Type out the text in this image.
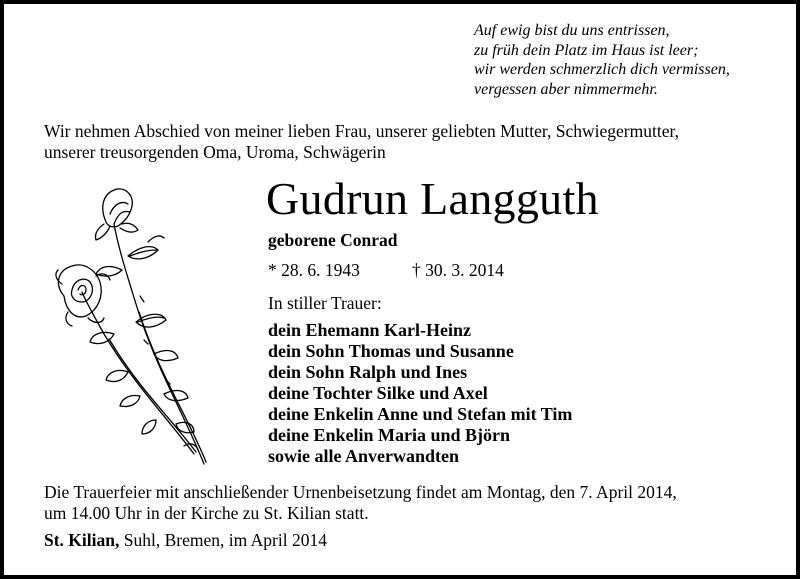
Auf ewig bist du uns entrissen,
zu früh dein Platz im Haus ist leer;
wir werden schmerzlich dich vermissen,
vergessen aber nimmermehr.
Wir nehmen Abschied von meiner lieben Frau, unserer geliebten Mutter, Schwiegermutter,
unserer treusorgenden Oma, Uroma, Schwägerin
Gudrun Langguth
geborene Conrad
* 28. 6. 1943	† 30. 3. 2014
In stiller Trauer:
dein Ehemann Karl-Heinz
dein Sohn Thomas und Susanne
dein Sohn Ralph und Ines
deine Tochter Silke und Axel
deine Enkelin Anne und Stefan mit Tim
deine Enkelin Maria und Björn
sowie alle Anverwandten
Die Trauerfeier mit anschließender Urnenbeisetzung findet am Montag, den 7. April 2014,
um 14.00 Uhr in der Kirche zu St. Kilian statt.
St. Kilian, Suhl, Bremen, im April 2014
